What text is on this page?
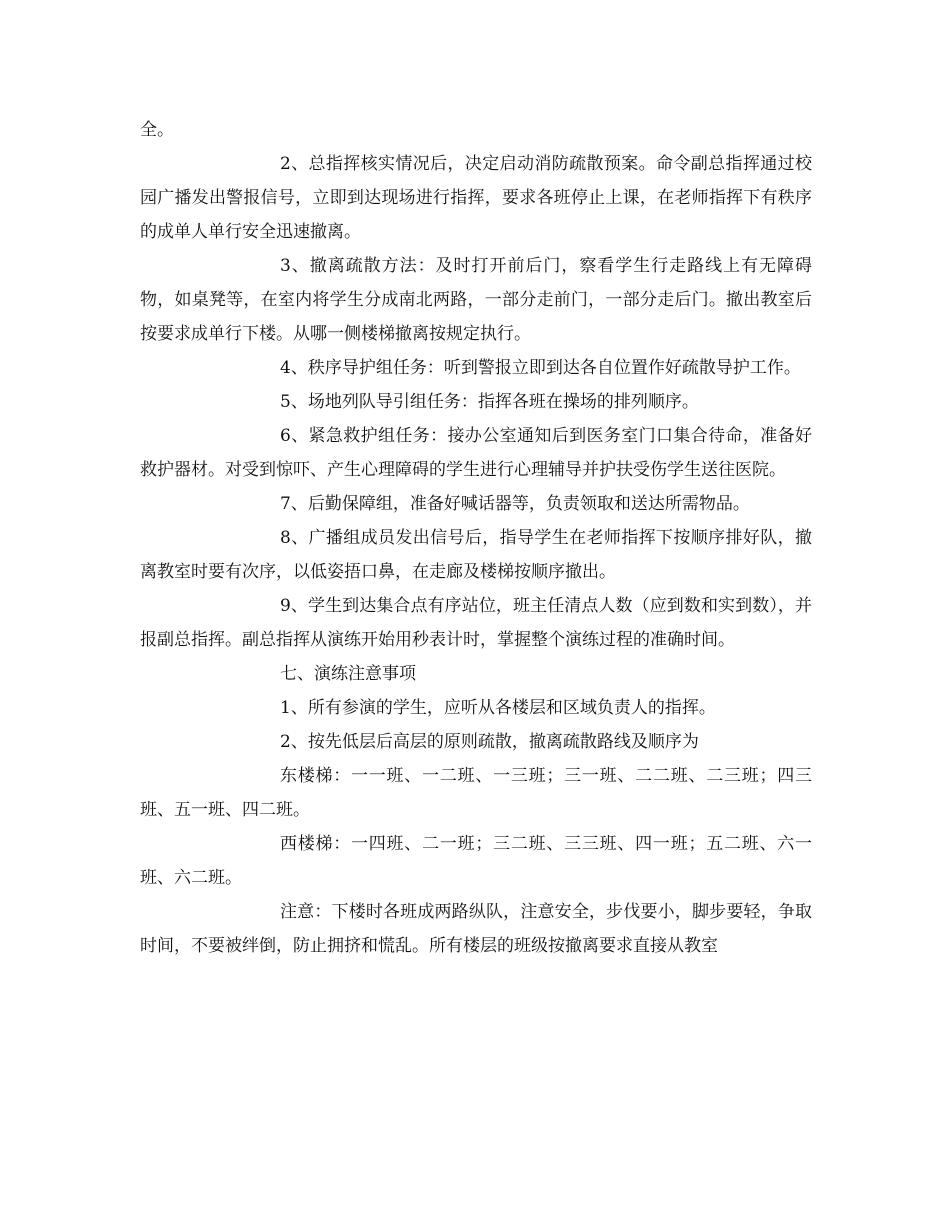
全。

2、总指挥核实情况后，决定启动消防疏散预案。命令副总指挥通过校园广播发出警报信号，立即到达现场进行指挥，要求各班停止上课，在老师指挥下有秩序的成单人单行安全迅速撤离。

3、撤离疏散方法：及时打开前后门，察看学生行走路线上有无障碍物，如桌凳等，在室内将学生分成南北两路，一部分走前门，一部分走后门。撤出教室后按要求成单行下楼。从哪一侧楼梯撤离按规定执行。

4、秩序导护组任务：听到警报立即到达各自位置作好疏散导护工作。

5、场地列队导引组任务：指挥各班在操场的排列顺序。

6、紧急救护组任务：接办公室通知后到医务室门口集合待命，准备好救护器材。对受到惊吓、产生心理障碍的学生进行心理辅导并护扶受伤学生送往医院。

7、后勤保障组，准备好喊话器等，负责领取和送达所需物品。

8、广播组成员发出信号后，指导学生在老师指挥下按顺序排好队，撤离教室时要有次序，以低姿捂口鼻，在走廊及楼梯按顺序撤出。

9、学生到达集合点有序站位，班主任清点人数（应到数和实到数），并报副总指挥。副总指挥从演练开始用秒表计时，掌握整个演练过程的准确时间。

七、演练注意事项

1、所有参演的学生，应听从各楼层和区域负责人的指挥。

2、按先低层后高层的原则疏散，撤离疏散路线及顺序为

东楼梯：一一班、一二班、一三班；三一班、二二班、二三班；四三班、五一班、四二班。

西楼梯：一四班、二一班；三二班、三三班、四一班；五二班、六一班、六二班。

注意：下楼时各班成两路纵队，注意安全，步伐要小，脚步要轻，争取时间，不要被绊倒，防止拥挤和慌乱。所有楼层的班级按撤离要求直接从教室
